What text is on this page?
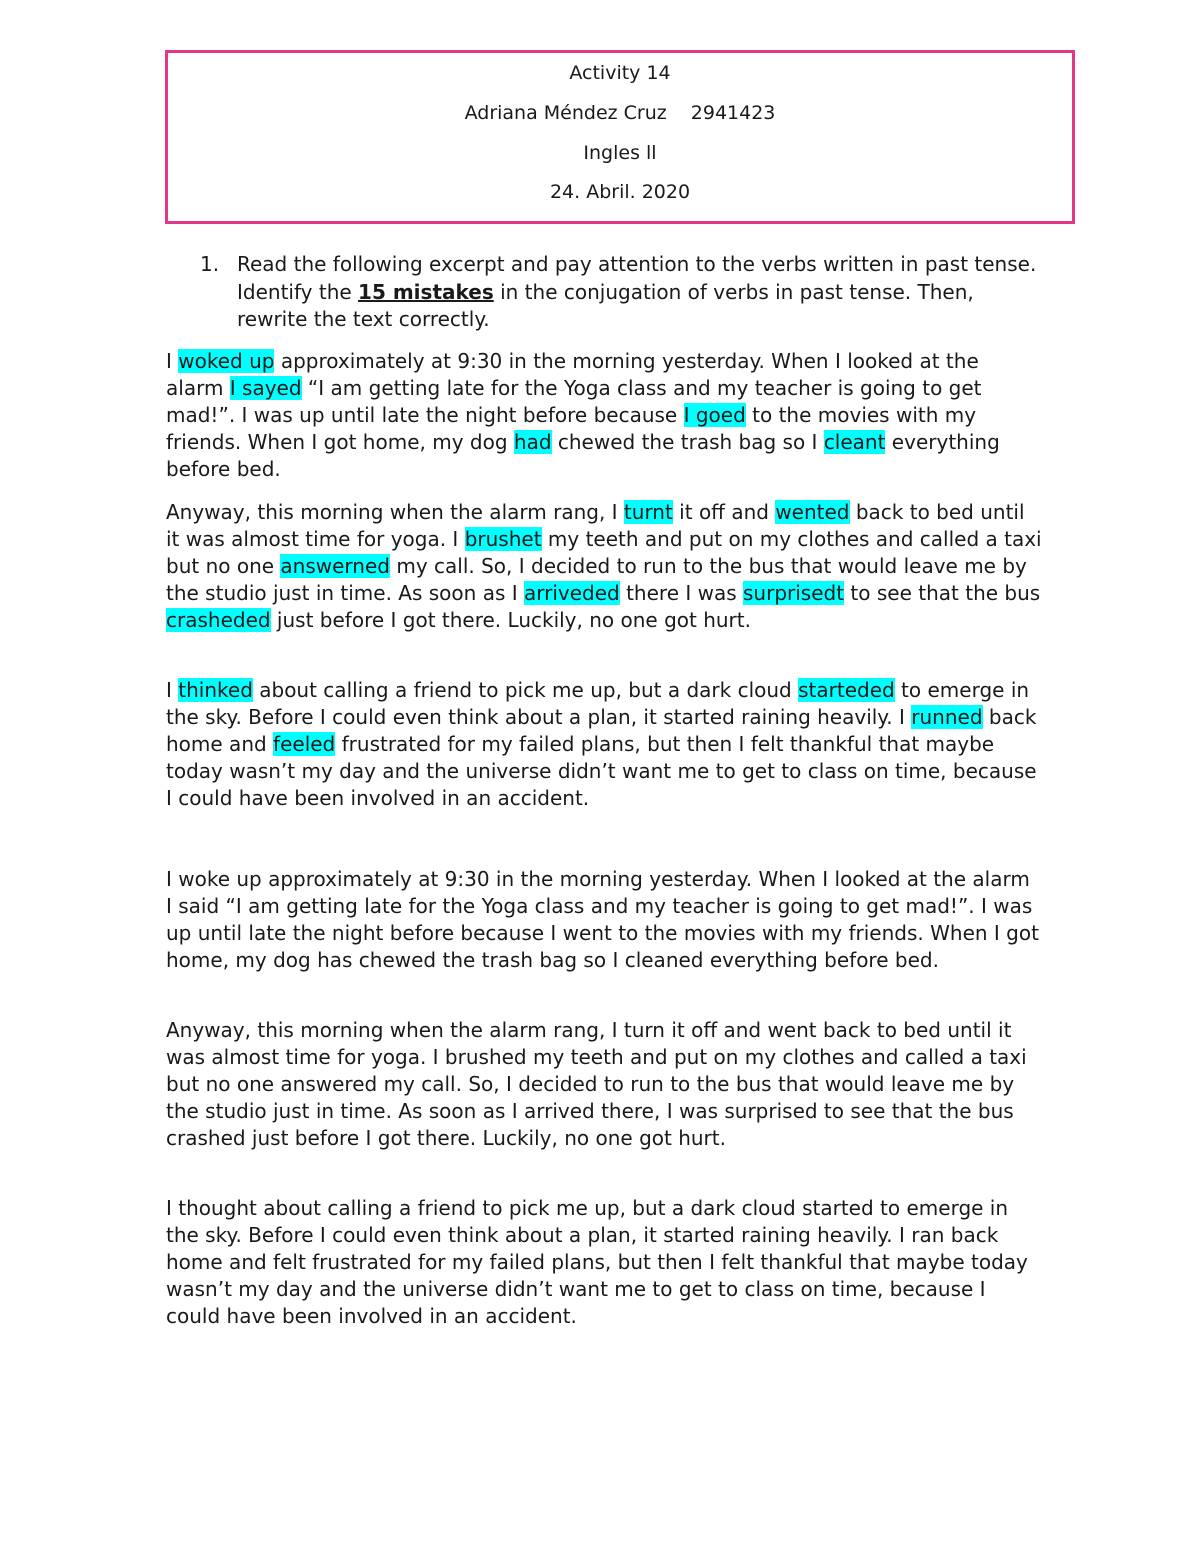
Activity 14
Adriana Méndez Cruz 2941423
Ingles ll
24. Abril. 2020
1. Read the following excerpt and pay attention to the verbs written in past tense. Identify the 15 mistakes in the conjugation of verbs in past tense. Then, rewrite the text correctly.

I woked up approximately at 9:30 in the morning yesterday. When I looked at the alarm I sayed “I am getting late for the Yoga class and my teacher is going to get mad!”. I was up until late the night before because I goed to the movies with my friends. When I got home, my dog had chewed the trash bag so I cleant everything before bed.

Anyway, this morning when the alarm rang, I turnt it off and wented back to bed until it was almost time for yoga. I brushet my teeth and put on my clothes and called a taxi but no one answerned my call. So, I decided to run to the bus that would leave me by the studio just in time. As soon as I arriveded there I was surprisedt to see that the bus crasheded just before I got there. Luckily, no one got hurt.

I thinked about calling a friend to pick me up, but a dark cloud starteded to emerge in the sky. Before I could even think about a plan, it started raining heavily. I runned back home and feeled frustrated for my failed plans, but then I felt thankful that maybe today wasn’t my day and the universe didn’t want me to get to class on time, because I could have been involved in an accident.

I woke up approximately at 9:30 in the morning yesterday. When I looked at the alarm I said “I am getting late for the Yoga class and my teacher is going to get mad!”. I was up until late the night before because I went to the movies with my friends. When I got home, my dog has chewed the trash bag so I cleaned everything before bed.

Anyway, this morning when the alarm rang, I turn it off and went back to bed until it was almost time for yoga. I brushed my teeth and put on my clothes and called a taxi but no one answered my call. So, I decided to run to the bus that would leave me by the studio just in time. As soon as I arrived there, I was surprised to see that the bus crashed just before I got there. Luckily, no one got hurt.

I thought about calling a friend to pick me up, but a dark cloud started to emerge in the sky. Before I could even think about a plan, it started raining heavily. I ran back home and felt frustrated for my failed plans, but then I felt thankful that maybe today wasn’t my day and the universe didn’t want me to get to class on time, because I could have been involved in an accident.
